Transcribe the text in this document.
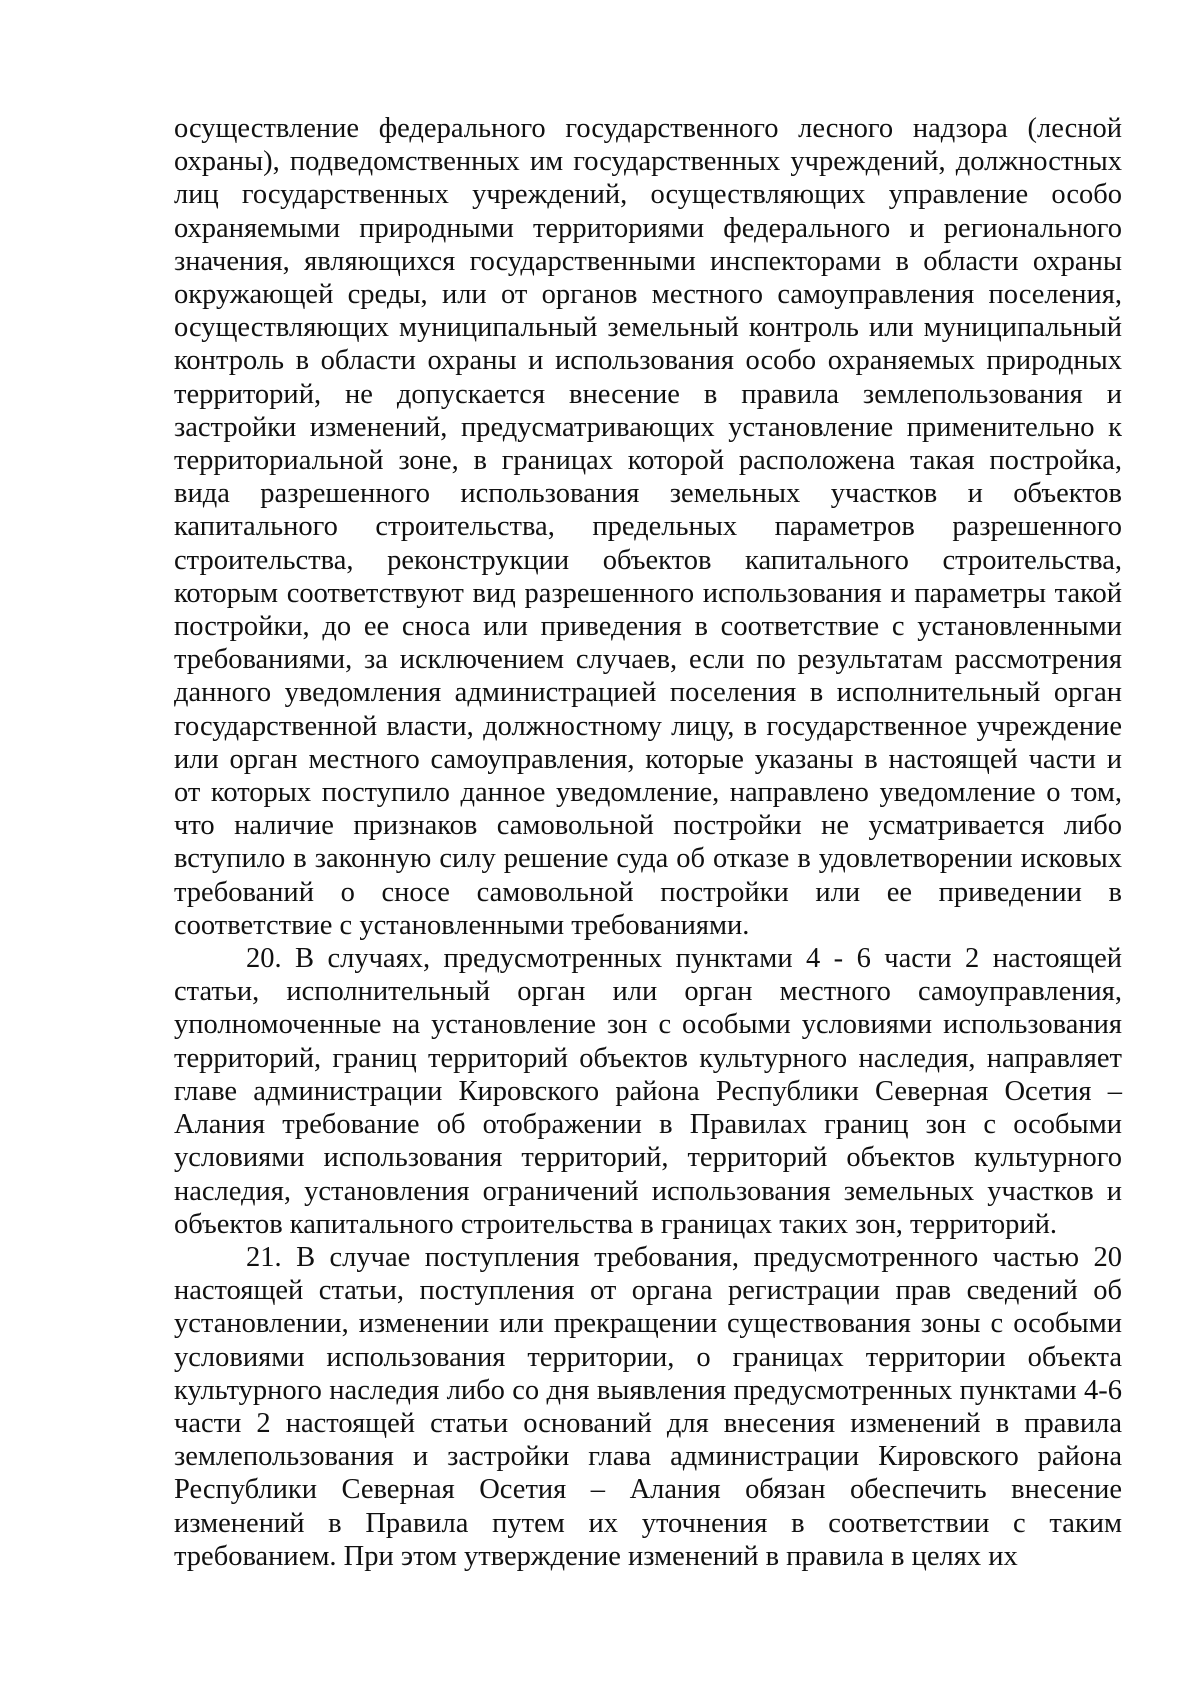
осуществление федерального государственного лесного надзора (лесной охраны), подведомственных им государственных учреждений, должностных лиц государственных учреждений, осуществляющих управление особо охраняемыми природными территориями федерального и регионального значения, являющихся государственными инспекторами в области охраны окружающей среды, или от органов местного самоуправления поселения, осуществляющих муниципальный земельный контроль или муниципальный контроль в области охраны и использования особо охраняемых природных территорий, не допускается внесение в правила землепользования и застройки изменений, предусматривающих установление применительно к территориальной зоне, в границах которой расположена такая постройка, вида разрешенного использования земельных участков и объектов капитального строительства, предельных параметров разрешенного строительства, реконструкции объектов капитального строительства, которым соответствуют вид разрешенного использования и параметры такой постройки, до ее сноса или приведения в соответствие с установленными требованиями, за исключением случаев, если по результатам рассмотрения данного уведомления администрацией поселения в исполнительный орган государственной власти, должностному лицу, в государственное учреждение или орган местного самоуправления, которые указаны в настоящей части и от которых поступило данное уведомление, направлено уведомление о том, что наличие признаков самовольной постройки не усматривается либо вступило в законную силу решение суда об отказе в удовлетворении исковых требований о сносе самовольной постройки или ее приведении в соответствие с установленными требованиями.

20. В случаях, предусмотренных пунктами 4 - 6 части 2 настоящей статьи, исполнительный орган или орган местного самоуправления, уполномоченные на установление зон с особыми условиями использования территорий, границ территорий объектов культурного наследия, направляет главе администрации Кировского района Республики Северная Осетия – Алания требование об отображении в Правилах границ зон с особыми условиями использования территорий, территорий объектов культурного наследия, установления ограничений использования земельных участков и объектов капитального строительства в границах таких зон, территорий.

21. В случае поступления требования, предусмотренного частью 20 настоящей статьи, поступления от органа регистрации прав сведений об установлении, изменении или прекращении существования зоны с особыми условиями использования территории, о границах территории объекта культурного наследия либо со дня выявления предусмотренных пунктами 4-6 части 2 настоящей статьи оснований для внесения изменений в правила землепользования и застройки глава администрации Кировского района Республики Северная Осетия – Алания обязан обеспечить внесение изменений в Правила путем их уточнения в соответствии с таким требованием. При этом утверждение изменений в правила в целях их
